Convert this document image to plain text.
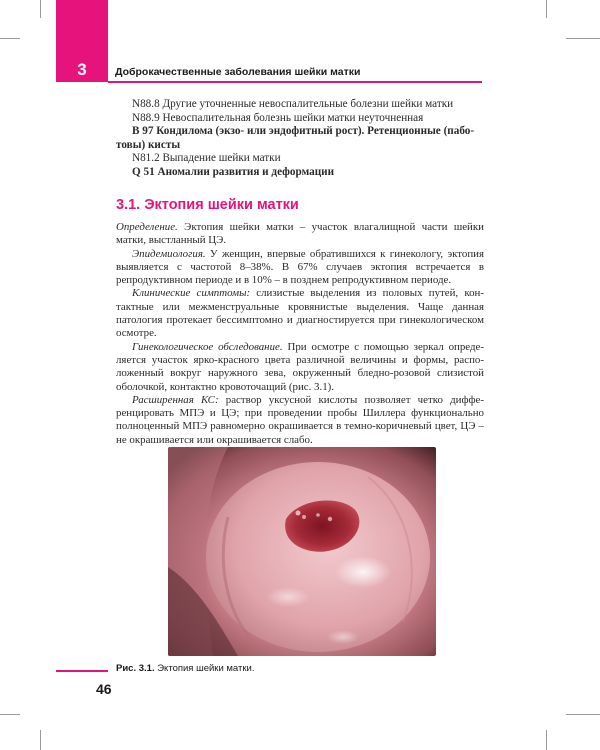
3	Доброкачественные заболевания шейки матки
N88.8 Другие уточненные невоспалительные болезни шейки матки
N88.9 Невоспалительная болезнь шейки матки неуточненная
В 97 Кондилома (экзо- или эндофитный рост). Ретенционные (пабо-
товы) кисты
N81.2 Выпадение шейки матки
Q 51 Аномалии развития и деформации
3.1. Эктопия шейки матки

Определение. Эктопия шейки матки – участок влагалищной части шейки матки, выстланный ЦЭ.

Эпидемиология. У женщин, впервые обратившихся к гинекологу, эктопия выявляется с частотой 8–38%. В 67% случаев эктопия встречается в репродуктивном периоде и в 10% – в позднем репродуктивном периоде.

Клинические симптомы: слизистые выделения из половых путей, контактные или межменструальные кровянистые выделения. Чаще данная патология протекает бессимптомно и диагностируется при гинекологическом осмотре.

Гинекологическое обследование. При осмотре с помощью зеркал определяется участок ярко-красного цвета различной величины и формы, расположенный вокруг наружного зева, окруженный бледно-розовой слизистой оболочкой, контактно кровоточащий (рис. 3.1).

Расширенная КС: раствор уксусной кислоты позволяет четко дифференцировать МПЭ и ЦЭ; при проведении пробы Шиллера функционально полноценный МПЭ равномерно окрашивается в темно-коричневый цвет, ЦЭ – не окрашивается или окрашивается слабо.

Рис. 3.1. Эктопия шейки матки.
46
